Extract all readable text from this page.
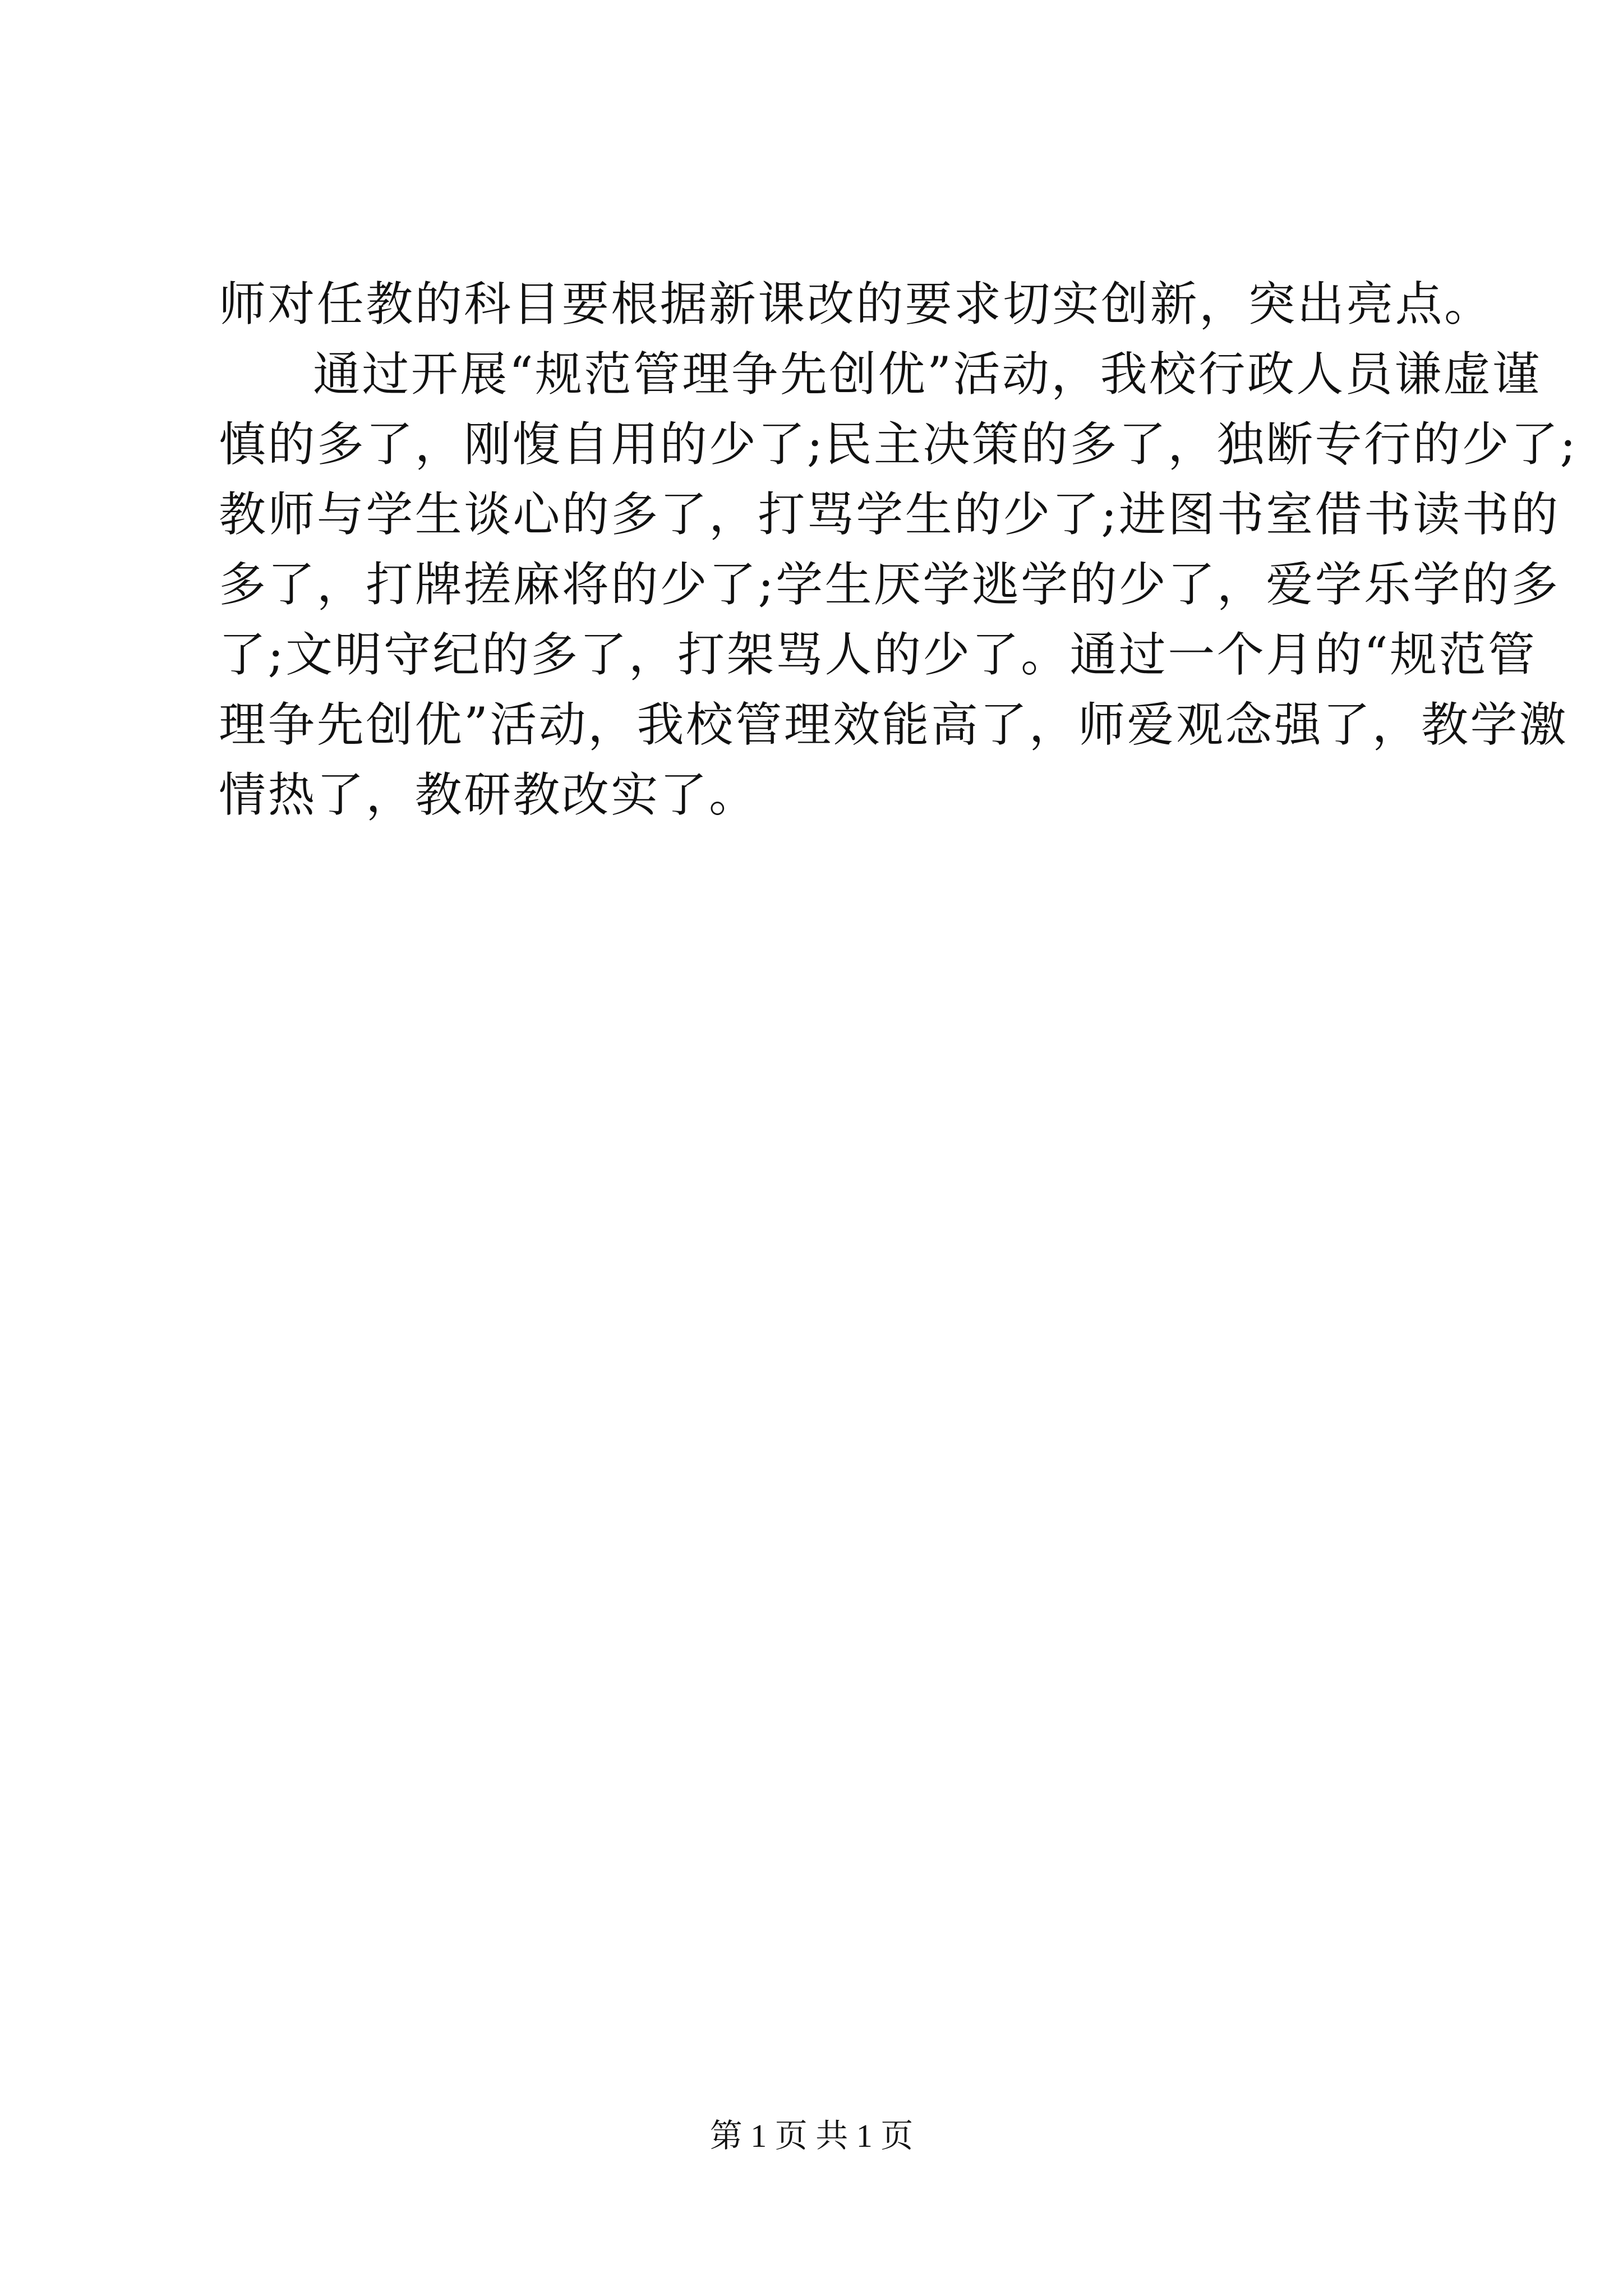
师对任教的科目要根据新课改的要求切实创新，突出亮点。
通过开展“规范管理争先创优”活动，我校行政人员谦虚谨
慎的多了，刚愎自用的少了;民主决策的多了，独断专行的少了;
教师与学生谈心的多了，打骂学生的少了;进图书室借书读书的
多了，打牌搓麻将的少了;学生厌学逃学的少了，爱学乐学的多
了;文明守纪的多了，打架骂人的少了。通过一个月的“规范管
理争先创优”活动，我校管理效能高了，师爱观念强了，教学激
情热了，教研教改实了。
第 1 页 共 1 页
